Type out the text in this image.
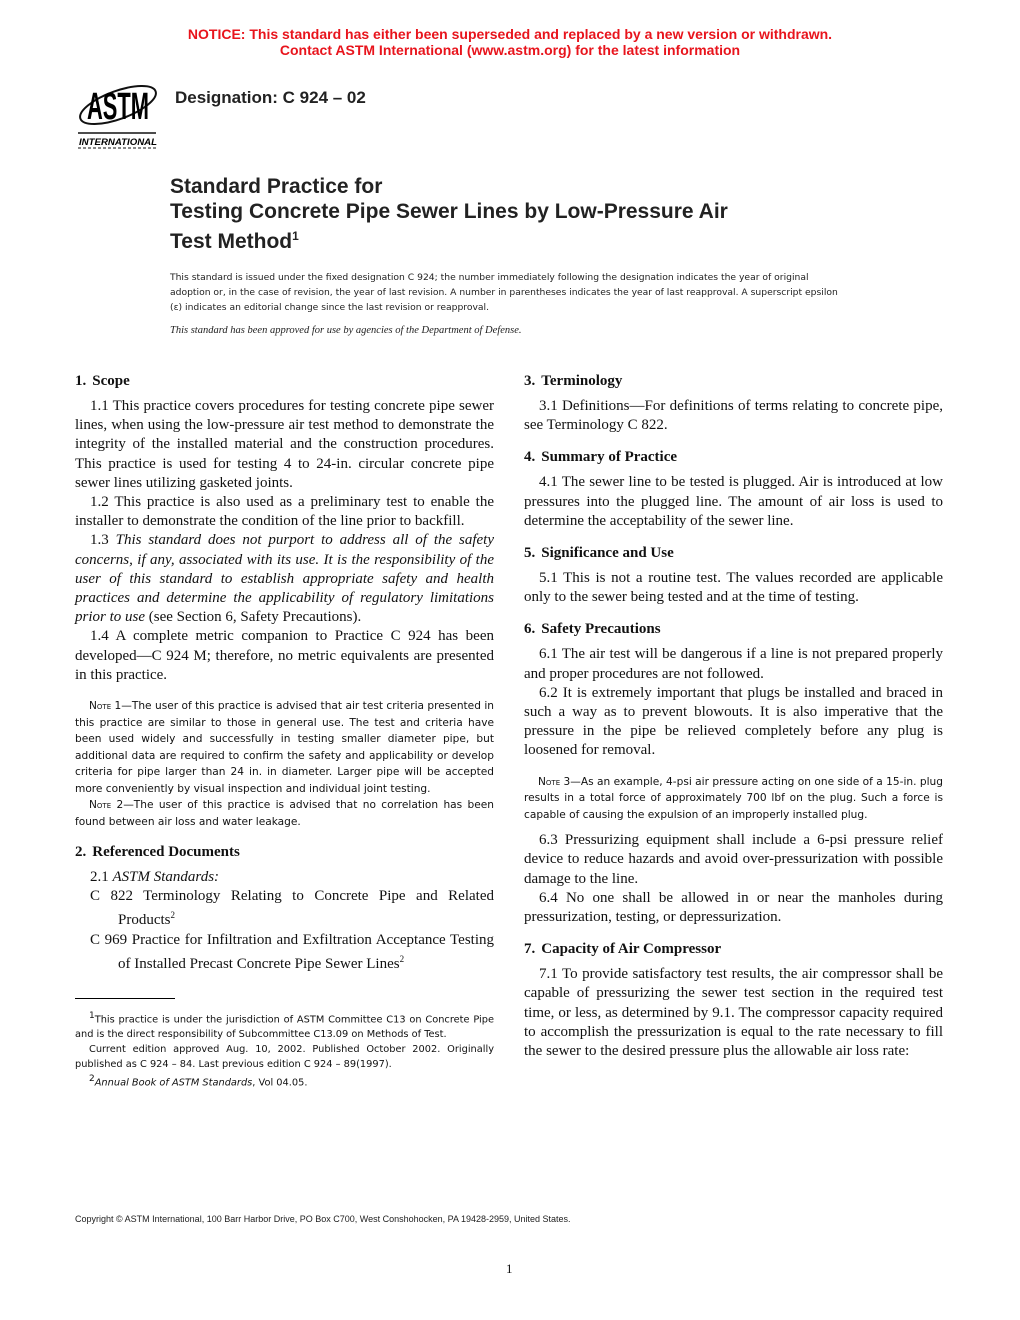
NOTICE: This standard has either been superseded and replaced by a new version or withdrawn.
Contact ASTM International (www.astm.org) for the latest information
ASTM
INTERNATIONAL
Designation: C 924 – 02
Standard Practice for
Testing Concrete Pipe Sewer Lines by Low-Pressure Air
Test Method$^1$
This standard is issued under the fixed designation C 924; the number immediately following the designation indicates the year of original adoption or, in the case of revision, the year of last revision. A number in parentheses indicates the year of last reapproval. A superscript epsilon (ε) indicates an editorial change since the last revision or reapproval.
This standard has been approved for use by agencies of the Department of Defense.
1. Scope

1.1 This practice covers procedures for testing concrete pipe sewer lines, when using the low-pressure air test method to demonstrate the integrity of the installed material and the construction procedures. This practice is used for testing 4 to 24-in. circular concrete pipe sewer lines utilizing gasketed joints.

1.2 This practice is also used as a preliminary test to enable the installer to demonstrate the condition of the line prior to backfill.

1.3 This standard does not purport to address all of the safety concerns, if any, associated with its use. It is the responsibility of the user of this standard to establish appropriate safety and health practices and determine the applicability of regulatory limitations prior to use (see Section 6, Safety Precautions).

1.4 A complete metric companion to Practice C 924 has been developed—C 924 M; therefore, no metric equivalents are presented in this practice.

Note 1—The user of this practice is advised that air test criteria presented in this practice are similar to those in general use. The test and criteria have been used widely and successfully in testing smaller diameter pipe, but additional data are required to confirm the safety and applicability or develop criteria for pipe larger than 24 in. in diameter. Larger pipe will be accepted more conveniently by visual inspection and individual joint testing.
Note 2—The user of this practice is advised that no correlation has been found between air loss and water leakage.
2. Referenced Documents

2.1 ASTM Standards:

C 822 Terminology Relating to Concrete Pipe and Related Products$^2$
C 969 Practice for Infiltration and Exfiltration Acceptance Testing of Installed Precast Concrete Pipe Sewer Lines$^2$
$^1$This practice is under the jurisdiction of ASTM Committee C13 on Concrete Pipe and is the direct responsibility of Subcommittee C13.09 on Methods of Test.
Current edition approved Aug. 10, 2002. Published October 2002. Originally published as C 924 – 84. Last previous edition C 924 – 89(1997).
$^2$Annual Book of ASTM Standards, Vol 04.05.
3. Terminology

3.1 Definitions—For definitions of terms relating to concrete pipe, see Terminology C 822.

4. Summary of Practice

4.1 The sewer line to be tested is plugged. Air is introduced at low pressures into the plugged line. The amount of air loss is used to determine the acceptability of the sewer line.

5. Significance and Use

5.1 This is not a routine test. The values recorded are applicable only to the sewer being tested and at the time of testing.

6. Safety Precautions

6.1 The air test will be dangerous if a line is not prepared properly and proper procedures are not followed.

6.2 It is extremely important that plugs be installed and braced in such a way as to prevent blowouts. It is also imperative that the pressure in the pipe be relieved completely before any plug is loosened for removal.

Note 3—As an example, 4-psi air pressure acting on one side of a 15-in. plug results in a total force of approximately 700 lbf on the plug. Such a force is capable of causing the expulsion of an improperly installed plug.

6.3 Pressurizing equipment shall include a 6-psi pressure relief device to reduce hazards and avoid over-pressurization with possible damage to the line.

6.4 No one shall be allowed in or near the manholes during pressurization, testing, or depressurization.

7. Capacity of Air Compressor

7.1 To provide satisfactory test results, the air compressor shall be capable of pressurizing the sewer test section in the required test time, or less, as determined by 9.1. The compressor capacity required to accomplish the pressurization is equal to the rate necessary to fill the sewer to the desired pressure plus the allowable air loss rate:

Copyright © ASTM International, 100 Barr Harbor Drive, PO Box C700, West Conshohocken, PA 19428-2959, United States.
1
